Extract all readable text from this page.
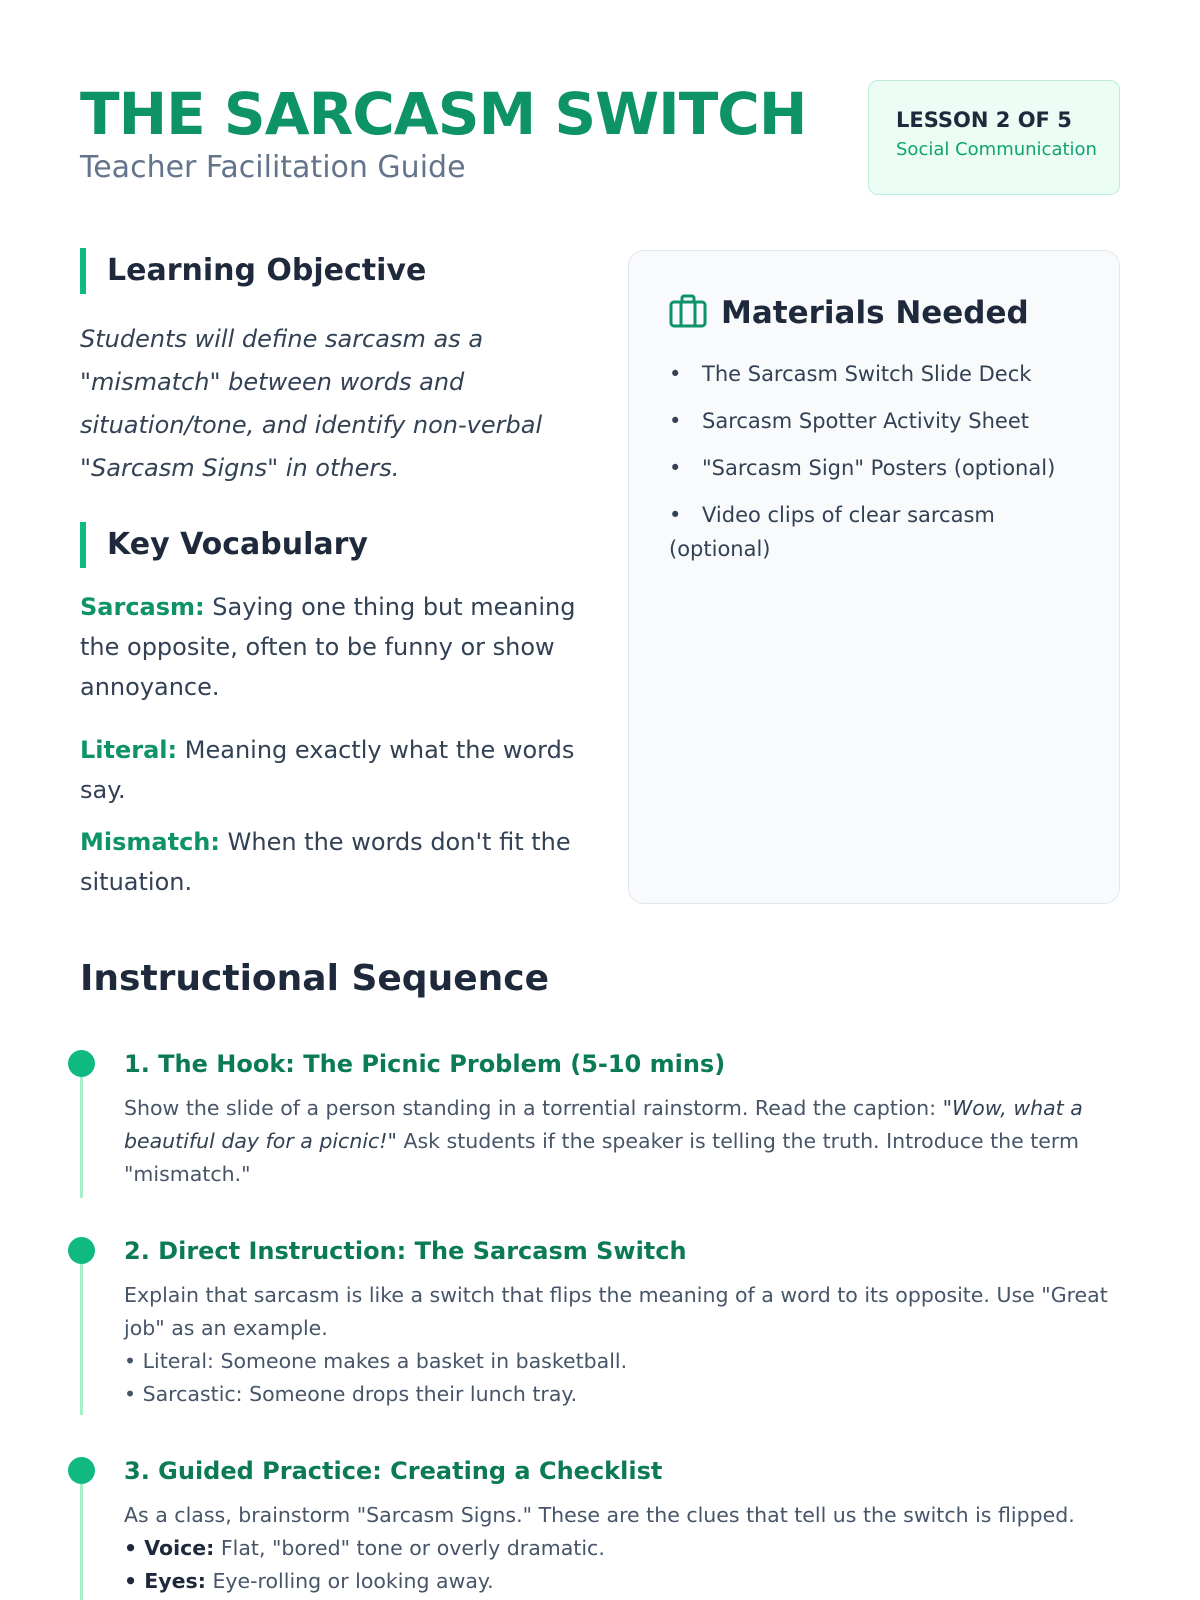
THE SARCASM SWITCH
Teacher Facilitation Guide
LESSON 2 OF 5
Social Communication
Learning Objective

Students will define sarcasm as a "mismatch" between words and situation/tone, and identify non-verbal "Sarcasm Signs" in others.

Key Vocabulary
Sarcasm: Saying one thing but meaning the opposite, often to be funny or show annoyance.
Literal: Meaning exactly what the words say.
Mismatch: When the words don't fit the situation.
Materials Needed
• The Sarcasm Switch Slide Deck
• Sarcasm Spotter Activity Sheet
• "Sarcasm Sign" Posters (optional)
• Video clips of clear sarcasm (optional)
Instructional Sequence
1. The Hook: The Picnic Problem (5-10 mins)

Show the slide of a person standing in a torrential rainstorm. Read the caption: "Wow, what a beautiful day for a picnic!" Ask students if the speaker is telling the truth. Introduce the term "mismatch."

2. Direct Instruction: The Sarcasm Switch
Explain that sarcasm is like a switch that flips the meaning of a word to its opposite. Use "Great job" as an example.
• Literal: Someone makes a basket in basketball.
• Sarcastic: Someone drops their lunch tray.
3. Guided Practice: Creating a Checklist
As a class, brainstorm "Sarcasm Signs." These are the clues that tell us the switch is flipped.
• Voice: Flat, "bored" tone or overly dramatic.
• Eyes: Eye-rolling or looking away.
